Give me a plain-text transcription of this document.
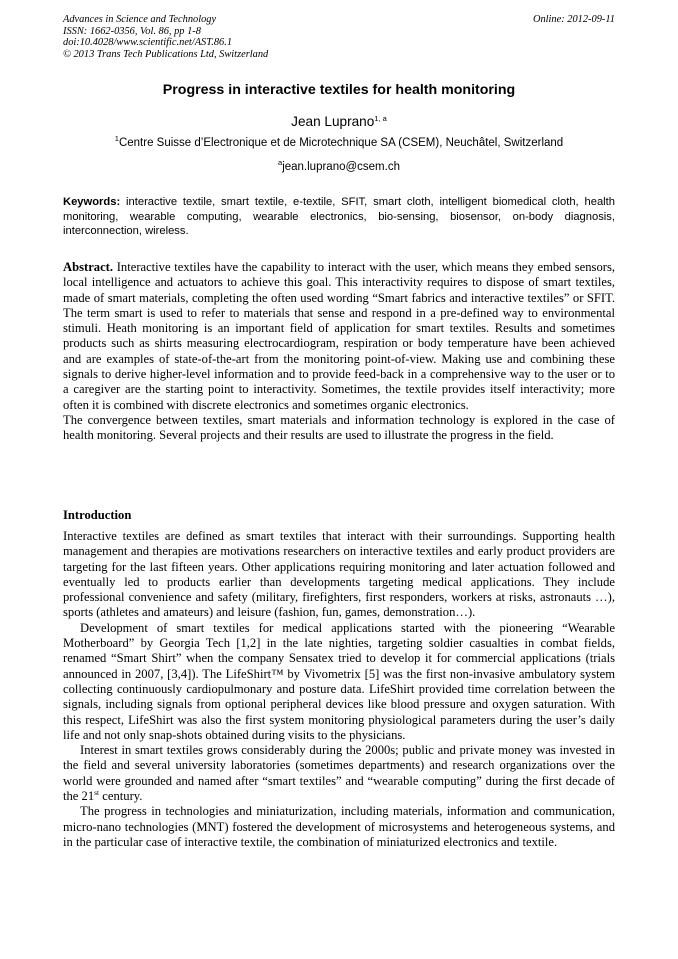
Advances in Science and Technology
ISSN: 1662-0356, Vol. 86, pp 1-8
doi:10.4028/www.scientific.net/AST.86.1
© 2013 Trans Tech Publications Ltd, Switzerland
Online: 2012-09-11
Progress in interactive textiles for health monitoring
Jean Luprano$^{1, a}$
$^1$Centre Suisse d’Electronique et de Microtechnique SA (CSEM), Neuchâtel, Switzerland
$^a$jean.luprano@csem.ch
Keywords: interactive textile, smart textile, e-textile, SFIT, smart cloth, intelligent biomedical cloth, health monitoring, wearable computing, wearable electronics, bio-sensing, biosensor, on-body diagnosis, interconnection, wireless.

Abstract. Interactive textiles have the capability to interact with the user, which means they embed sensors, local intelligence and actuators to achieve this goal. This interactivity requires to dispose of smart textiles, made of smart materials, completing the often used wording “Smart fabrics and interactive textiles” or SFIT. The term smart is used to refer to materials that sense and respond in a pre-defined way to environmental stimuli. Heath monitoring is an important field of application for smart textiles. Results and sometimes products such as shirts measuring electrocardiogram, respiration or body temperature have been achieved and are examples of state-of-the-art from the monitoring point-of-view. Making use and combining these signals to derive higher-level information and to provide feed-back in a comprehensive way to the user or to a caregiver are the starting point to interactivity. Sometimes, the textile provides itself interactivity; more often it is combined with discrete electronics and sometimes organic electronics.

The convergence between textiles, smart materials and information technology is explored in the case of health monitoring. Several projects and their results are used to illustrate the progress in the field.

Introduction

Interactive textiles are defined as smart textiles that interact with their surroundings. Supporting health management and therapies are motivations researchers on interactive textiles and early product providers are targeting for the last fifteen years. Other applications requiring monitoring and later actuation followed and eventually led to products earlier than developments targeting medical applications. They include professional convenience and safety (military, firefighters, first responders, workers at risks, astronauts …), sports (athletes and amateurs) and leisure (fashion, fun, games, demonstration…).

Development of smart textiles for medical applications started with the pioneering “Wearable Motherboard” by Georgia Tech [1,2] in the late nighties, targeting soldier casualties in combat fields, renamed “Smart Shirt” when the company Sensatex tried to develop it for commercial applications (trials announced in 2007, [3,4]). The LifeShirt™ by Vivometrix [5] was the first non-invasive ambulatory system collecting continuously cardiopulmonary and posture data. LifeShirt provided time correlation between the signals, including signals from optional peripheral devices like blood pressure and oxygen saturation. With this respect, LifeShirt was also the first system monitoring physiological parameters during the user’s daily life and not only snap-shots obtained during visits to the physicians.

Interest in smart textiles grows considerably during the 2000s; public and private money was invested in the field and several university laboratories (sometimes departments) and research organizations over the world were grounded and named after “smart textiles” and “wearable computing” during the first decade of the 21st century.

The progress in technologies and miniaturization, including materials, information and communication, micro-nano technologies (MNT) fostered the development of microsystems and heterogeneous systems, and in the particular case of interactive textile, the combination of miniaturized electronics and textile.
